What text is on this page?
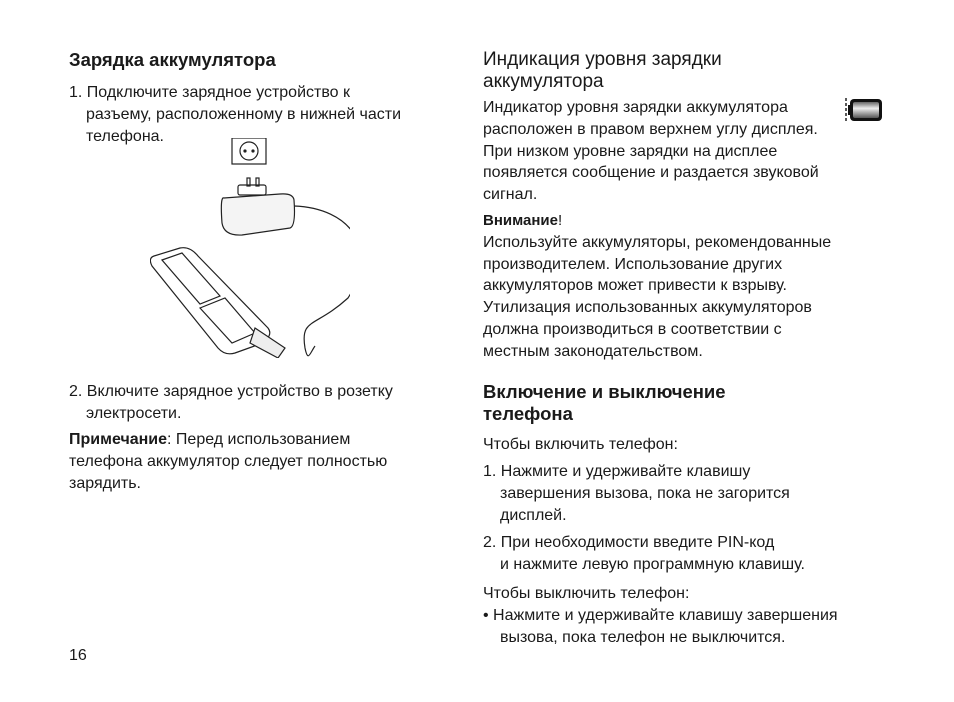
Зарядка аккумулятора
1. Подключите зарядное устройство к
разъему, расположенному в нижней части
телефона.
2. Включите зарядное устройство в розетку
электросети.
Примечание: Перед использованием
телефона аккумулятор следует полностью
зарядить.
16
Индикация уровня зарядки
аккумулятора
Индикатор уровня зарядки аккумулятора
расположен в правом верхнем углу дисплея.
При низком уровне зарядки на дисплее
появляется сообщение и раздается звуковой
сигнал.
Внимание!
Используйте аккумуляторы, рекомендованные
производителем. Использование других
аккумуляторов может привести к взрыву.
Утилизация использованных аккумуляторов
должна производиться в соответствии с
местным законодательством.
Включение и выключение
телефона
Чтобы включить телефон:
1. Нажмите и удерживайте клавишу
завершения вызова, пока не загорится
дисплей.
2. При необходимости введите PIN-код
и нажмите левую программную клавишу.
Чтобы выключить телефон:
• Нажмите и удерживайте клавишу завершения
вызова, пока телефон не выключится.
